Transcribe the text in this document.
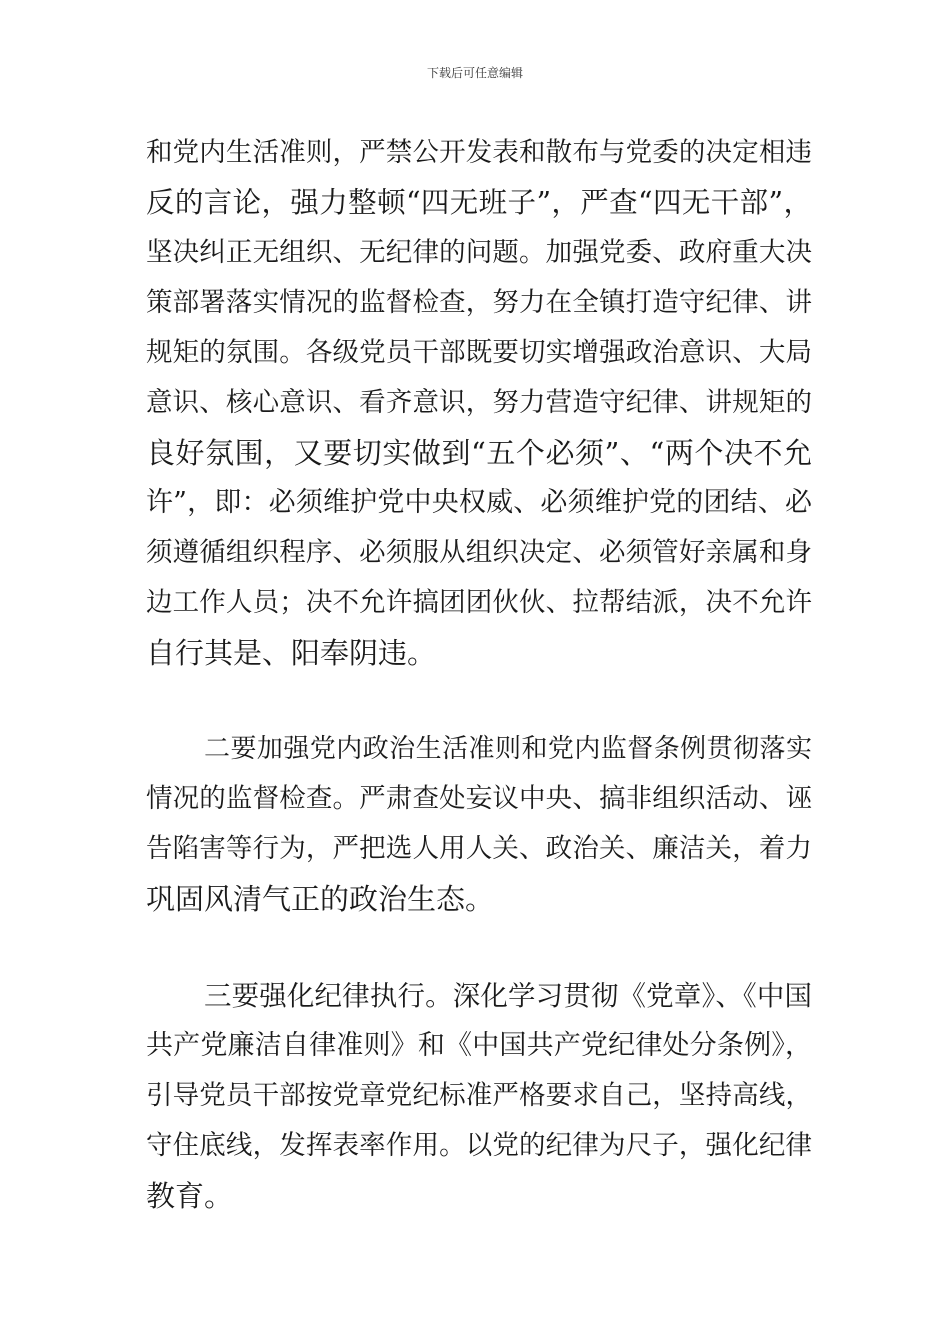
下载后可任意编辑
和党内生活准则，严禁公开发表和散布与党委的决定相违
反的言论，强力整顿“四无班子”，严查“四无干部”，
坚决纠正无组织、无纪律的问题。加强党委、政府重大决
策部署落实情况的监督检查，努力在全镇打造守纪律、讲
规矩的氛围。各级党员干部既要切实增强政治意识、大局
意识、核心意识、看齐意识，努力营造守纪律、讲规矩的
良好氛围，又要切实做到“五个必须”、“两个决不允
许”，即：必须维护党中央权威、必须维护党的团结、必
须遵循组织程序、必须服从组织决定、必须管好亲属和身
边工作人员；决不允许搞团团伙伙、拉帮结派，决不允许
自行其是、阳奉阴违。
二要加强党内政治生活准则和党内监督条例贯彻落实
情况的监督检查。严肃查处妄议中央、搞非组织活动、诬
告陷害等行为，严把选人用人关、政治关、廉洁关，着力
巩固风清气正的政治生态。
三要强化纪律执行。深化学习贯彻《党章》、《中国
共产党廉洁自律准则》和《中国共产党纪律处分条例》，
引导党员干部按党章党纪标准严格要求自己，坚持高线，
守住底线，发挥表率作用。以党的纪律为尺子，强化纪律
教育。
